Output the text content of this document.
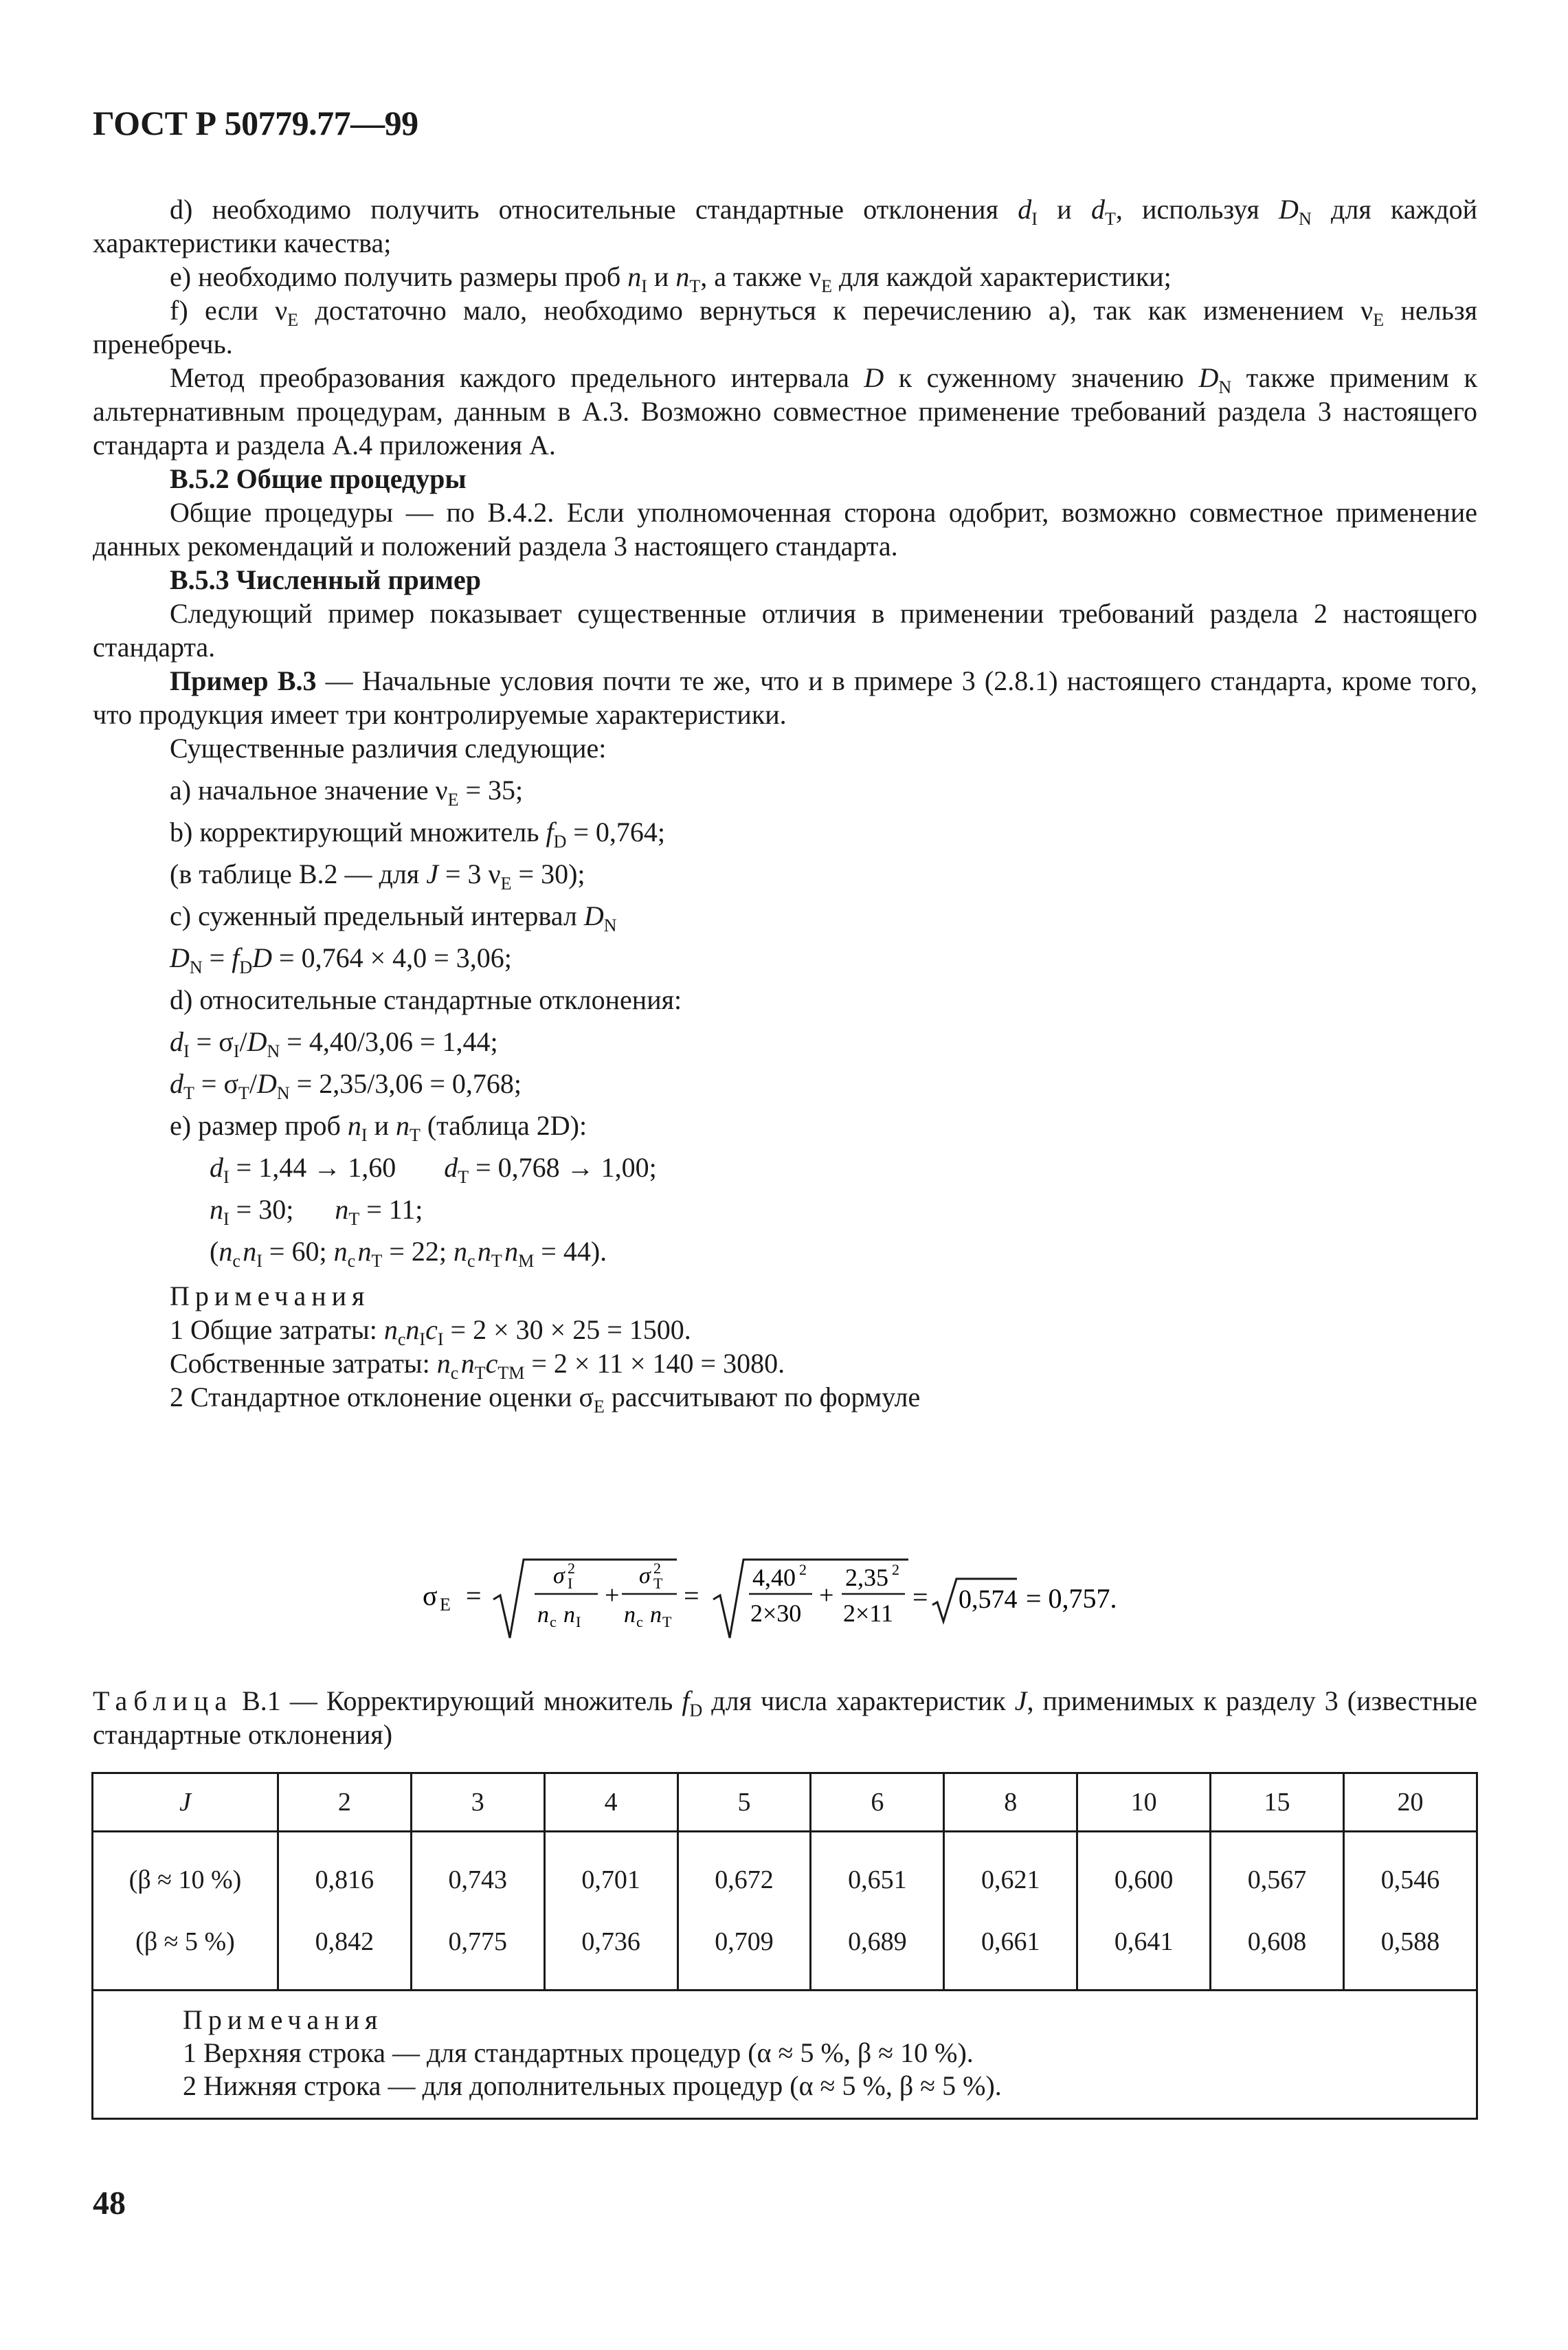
ГОСТ Р 50779.77—99

d) необходимо получить относительные стандартные отклонения $d_I$ и $d_T$, используя $D_N$ для каждой характеристики качества;

e) необходимо получить размеры проб $n_I$ и $n_T$, а также $\nu_E$ для каждой характеристики;

f) если $\nu_E$ достаточно мало, необходимо вернуться к перечислению а), так как изменением $\nu_E$ нельзя пренебречь.

Метод преобразования каждого предельного интервала D к суженному значению $D_N$ также применим к альтернативным процедурам, данным в А.3. Возможно совместное применение требований раздела 3 настоящего стандарта и раздела А.4 приложения А.

В.5.2 Общие процедуры

Общие процедуры — по В.4.2. Если уполномоченная сторона одобрит, возможно совместное применение данных рекомендаций и положений раздела 3 настоящего стандарта.

В.5.3 Численный пример

Следующий пример показывает существенные отличия в применении требований раздела 2 настоящего стандарта.

Пример В.3 — Начальные условия почти те же, что и в примере 3 (2.8.1) настоящего стандарта, кроме того, что продукция имеет три контролируемые характеристики.

Существенные различия следующие:

а) начальное значение $\nu_E = 35$;

b) корректирующий множитель $f_D = 0,764$;

(в таблице В.2 — для J = 3 $\nu_E = 30$);

c) суженный предельный интервал $D_N$

$D_N = f_DD = 0,764 \times 4,0 = 3,06$;

d) относительные стандартные отклонения:

$d_I = \sigma_I/D_N = 4,40/3,06 = 1,44$;

$d_T = \sigma_T/D_N = 2,35/3,06 = 0,768$;

e) размер проб $n_I$ и $n_T$ (таблица 2D):

$d_I = 1,44 \to 1,60$ $d_T = 0,768 \to 1,00$;

$n_I = 30$; $n_T = 11$;

($n_c$ $n_I = 60$; $n_c$ $n_T = 22$; $n_c$ $n_T$ $n_M = 44$).

Примечания

1 Общие затраты: $n_cn_Ic_I = 2 \times 30 \times 25 = 1500$.

Собственные затраты: $n_c$ $n_Tc_{TM} = 2 \times 11 \times 140 = 3080$.

2 Стандартное отклонение оценки $\sigma_E$ рассчитывают по формуле

σ E =
σ 2
I
n c n I
+
σ 2
T
n c n T
=
4,40 2
2×30
+
2,35 2
2×11
= 0,574 = 0,757.
Таблица В.1 — Корректирующий множитель $f_D$ для числа характеристик J, применимых к разделу 3 (известные стандартные отклонения)
J	2	3	4	5	6	8	10	15	20
(β ≈ 10 %)	0,816	0,743	0,701	0,672	0,651	0,621	0,600	0,567	0,546
(β ≈ 5 %)	0,842	0,775	0,736	0,709	0,689	0,661	0,641	0,608	0,588

Примечания
1 Верхняя строка — для стандартных процедур (α ≈ 5 %, β ≈ 10 %).
2 Нижняя строка — для дополнительных процедур (α ≈ 5 %, β ≈ 5 %).									
48
